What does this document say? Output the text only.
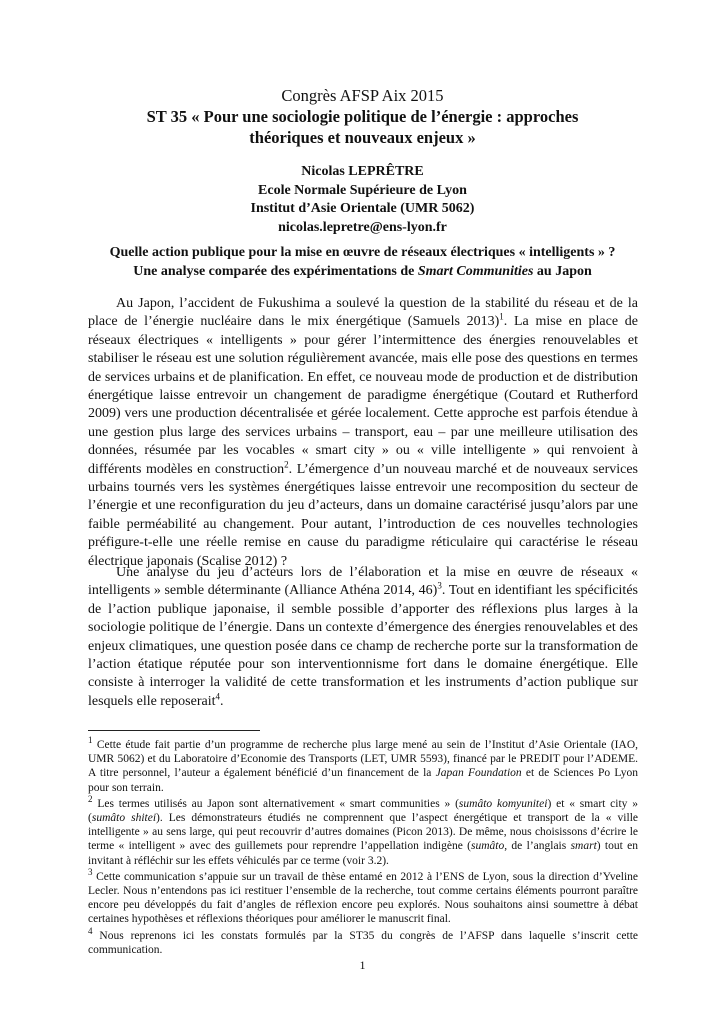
Congrès AFSP Aix 2015
ST 35 « Pour une sociologie politique de l’énergie : approches
théoriques et nouveaux enjeux »
Nicolas LEPRÊTRE
Ecole Normale Supérieure de Lyon
Institut d’Asie Orientale (UMR 5062)
nicolas.lepretre@ens-lyon.fr
Quelle action publique pour la mise en œuvre de réseaux électriques « intelligents » ?
Une analyse comparée des expérimentations de Smart Communities au Japon

Au Japon, l’accident de Fukushima a soulevé la question de la stabilité du réseau et de la place de l’énergie nucléaire dans le mix énergétique (Samuels 2013)$^1$. La mise en place de réseaux électriques « intelligents » pour gérer l’intermittence des énergies renouvelables et stabiliser le réseau est une solution régulièrement avancée, mais elle pose des questions en termes de services urbains et de planification. En effet, ce nouveau mode de production et de distribution énergétique laisse entrevoir un changement de paradigme énergétique (Coutard et Rutherford 2009) vers une production décentralisée et gérée localement. Cette approche est parfois étendue à une gestion plus large des services urbains – transport, eau – par une meilleure utilisation des données, résumée par les vocables « smart city » ou « ville intelligente » qui renvoient à différents modèles en construction$^2$. L’émergence d’un nouveau marché et de nouveaux services urbains tournés vers les systèmes énergétiques laisse entrevoir une recomposition du secteur de l’énergie et une reconfiguration du jeu d’acteurs, dans un domaine caractérisé jusqu’alors par une faible perméabilité au changement. Pour autant, l’introduction de ces nouvelles technologies préfigure-t-elle une réelle remise en cause du paradigme réticulaire qui caractérise le réseau électrique japonais (Scalise 2012) ?

Une analyse du jeu d’acteurs lors de l’élaboration et la mise en œuvre de réseaux « intelligents » semble déterminante (Alliance Athéna 2014, 46)$^3$. Tout en identifiant les spécificités de l’action publique japonaise, il semble possible d’apporter des réflexions plus larges à la sociologie politique de l’énergie. Dans un contexte d’émergence des énergies renouvelables et des enjeux climatiques, une question posée dans ce champ de recherche porte sur la transformation de l’action étatique réputée pour son interventionnisme fort dans le domaine énergétique. Elle consiste à interroger la validité de cette transformation et les instruments d’action publique sur lesquels elle reposerait$^4$.

$^1$ Cette étude fait partie d’un programme de recherche plus large mené au sein de l’Institut d’Asie Orientale (IAO, UMR 5062) et du Laboratoire d’Economie des Transports (LET, UMR 5593), financé par le PREDIT pour l’ADEME. A titre personnel, l’auteur a également bénéficié d’un financement de la Japan Foundation et de Sciences Po Lyon pour son terrain.

$^2$ Les termes utilisés au Japon sont alternativement « smart communities » (sumâto komyunitei) et « smart city » (sumâto shitei). Les démonstrateurs étudiés ne comprennent que l’aspect énergétique et transport de la « ville intelligente » au sens large, qui peut recouvrir d’autres domaines (Picon 2013). De même, nous choisissons d’écrire le terme « intelligent » avec des guillemets pour reprendre l’appellation indigène (sumâto, de l’anglais smart) tout en invitant à réfléchir sur les effets véhiculés par ce terme (voir 3.2).

$^3$ Cette communication s’appuie sur un travail de thèse entamé en 2012 à l’ENS de Lyon, sous la direction d’Yveline Lecler. Nous n’entendons pas ici restituer l’ensemble de la recherche, tout comme certains éléments pourront paraître encore peu développés du fait d’angles de réflexion encore peu explorés. Nous souhaitons ainsi soumettre à débat certaines hypothèses et réflexions théoriques pour améliorer le manuscrit final.

$^4$ Nous reprenons ici les constats formulés par la ST35 du congrès de l’AFSP dans laquelle s’inscrit cette communication.

1
